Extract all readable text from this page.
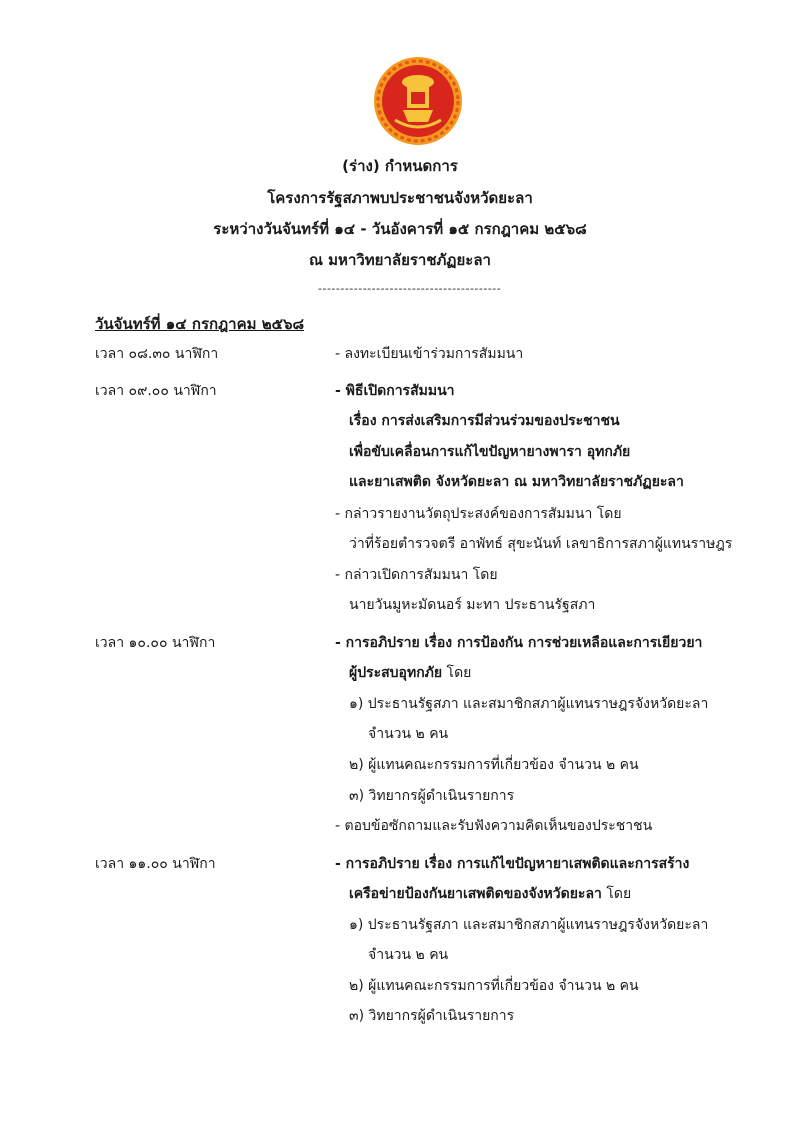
(ร่าง) กำหนดการ

โครงการรัฐสภาพบประชาชนจังหวัดยะลา

ระหว่างวันจันทร์ที่ ๑๔ - วันอังคารที่ ๑๕ กรกฎาคม ๒๕๖๘

ณ มหาวิทยาลัยราชภัฏยะลา

-----------------------------------------
วันจันทร์ที่ ๑๔ กรกฎาคม ๒๕๖๘
เวลา ๐๘.๓๐ นาฬิกา	- ลงทะเบียนเข้าร่วมการสัมมนา
เวลา ๐๙.๐๐ นาฬิกา	- พิธีเปิดการสัมมนา
เรื่อง การส่งเสริมการมีส่วนร่วมของประชาชน
เพื่อขับเคลื่อนการแก้ไขปัญหายางพารา อุทกภัย
และยาเสพติด จังหวัดยะลา ณ มหาวิทยาลัยราชภัฏยะลา
- กล่าวรายงานวัตถุประสงค์ของการสัมมนา โดย
ว่าที่ร้อยตำรวจตรี อาพัทธ์ สุขะนันท์ เลขาธิการสภาผู้แทนราษฎร
- กล่าวเปิดการสัมมนา โดย
นายวันมูหะมัดนอร์ มะทา ประธานรัฐสภา
เวลา ๑๐.๐๐ นาฬิกา	- การอภิปราย เรื่อง การป้องกัน การช่วยเหลือและการเยียวยา
ผู้ประสบอุทกภัย โดย
๑) ประธานรัฐสภา และสมาชิกสภาผู้แทนราษฎรจังหวัดยะลา
จำนวน ๒ คน
๒) ผู้แทนคณะกรรมการที่เกี่ยวข้อง จำนวน ๒ คน
๓) วิทยากรผู้ดำเนินรายการ
- ตอบข้อซักถามและรับฟังความคิดเห็นของประชาชน
เวลา ๑๑.๐๐ นาฬิกา	- การอภิปราย เรื่อง การแก้ไขปัญหายาเสพติดและการสร้าง
เครือข่ายป้องกันยาเสพติดของจังหวัดยะลา โดย
๑) ประธานรัฐสภา และสมาชิกสภาผู้แทนราษฎรจังหวัดยะลา
จำนวน ๒ คน
๒) ผู้แทนคณะกรรมการที่เกี่ยวข้อง จำนวน ๒ คน
๓) วิทยากรผู้ดำเนินรายการ
